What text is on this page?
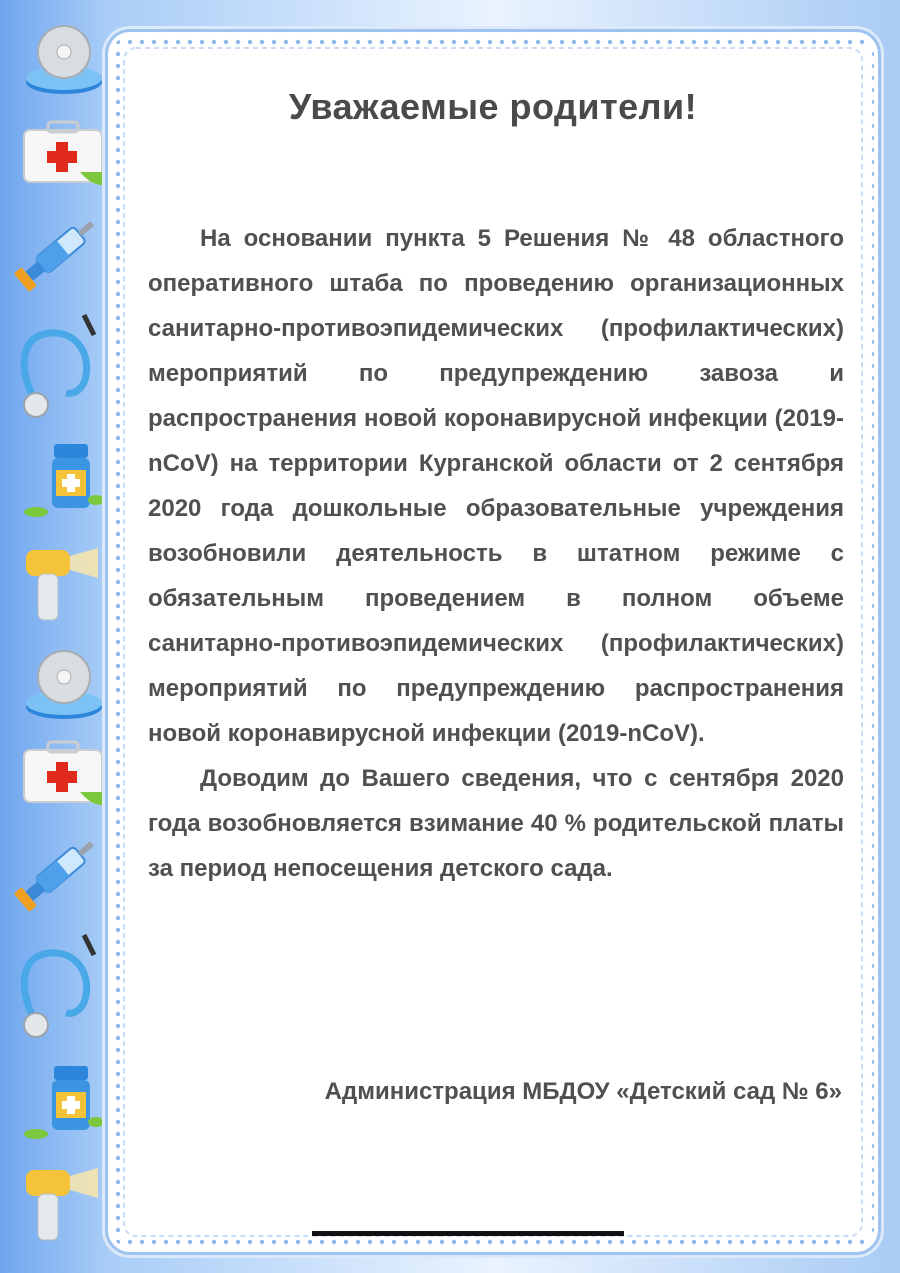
Уважаемые родители!

На основании пункта 5 Решения № 48 областного оперативного штаба по проведению организационных санитарно-противоэпидемических (профилактических) мероприятий по предупреждению завоза и распространения новой коронавирусной инфекции (2019-nCoV) на территории Курганской области от 2 сентября 2020 года дошкольные образовательные учреждения возобновили деятельность в штатном режиме с обязательным проведением в полном объеме санитарно-противоэпидемических (профилактических) мероприятий по предупреждению распространения новой коронавирусной инфекции (2019-nCoV).

Доводим до Вашего сведения, что с сентября 2020 года возобновляется взимание 40 % родительской платы за период непосещения детского сада.

Администрация МБДОУ «Детский сад № 6»
